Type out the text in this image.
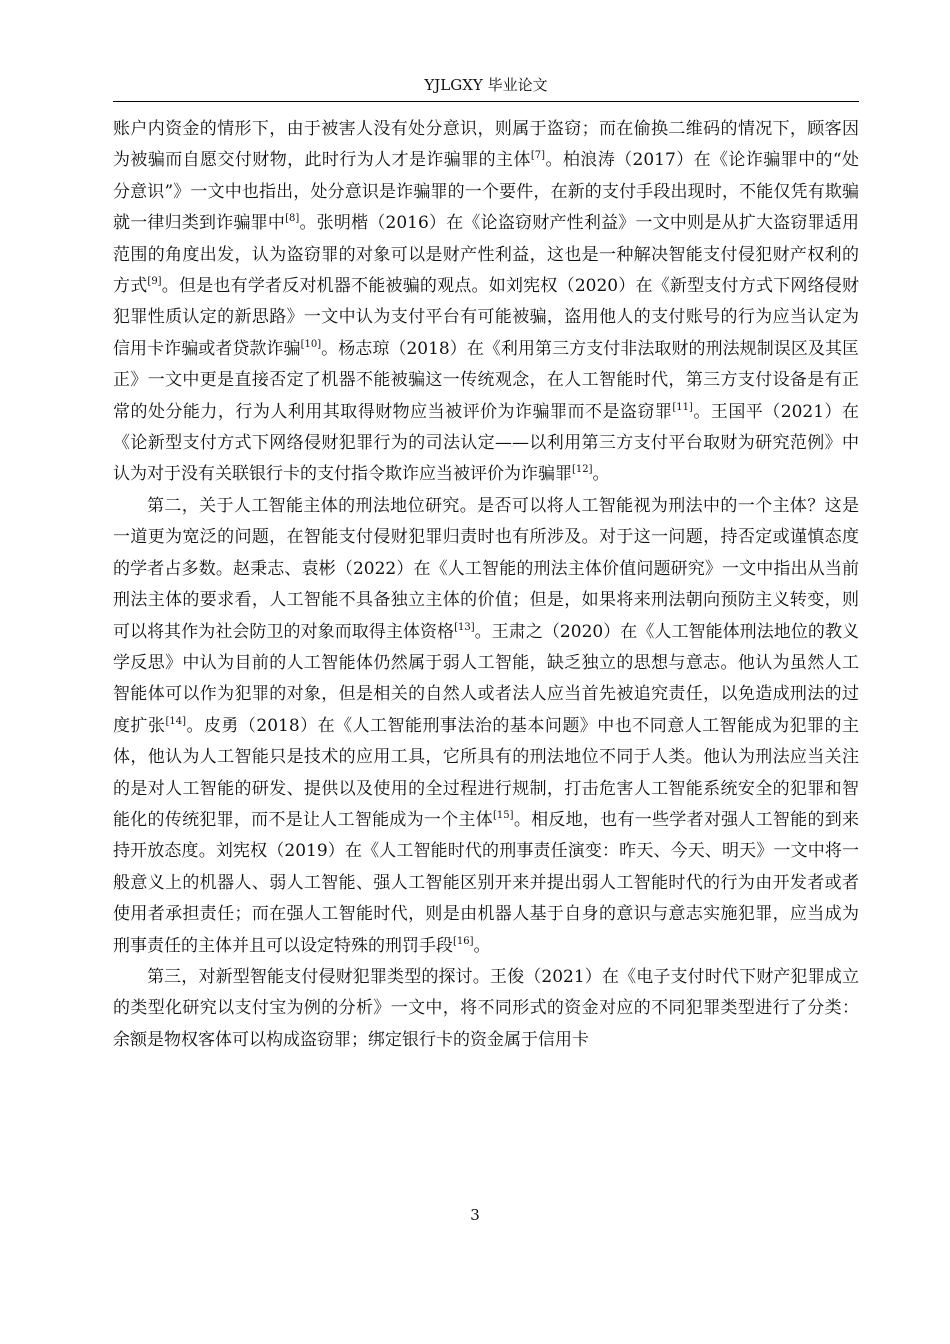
YJLGXY 毕业论文

账户内资金的情形下，由于被害人没有处分意识，则属于盗窃；而在偷换二维码的情况下，顾客因为被骗而自愿交付财物，此时行为人才是诈骗罪的主体[7]。柏浪涛（2017）在《论诈骗罪中的“处分意识”》一文中也指出，处分意识是诈骗罪的一个要件，在新的支付手段出现时，不能仅凭有欺骗就一律归类到诈骗罪中[8]。张明楷（2016）在《论盗窃财产性利益》一文中则是从扩大盗窃罪适用范围的角度出发，认为盗窃罪的对象可以是财产性利益，这也是一种解决智能支付侵犯财产权利的方式[9]。但是也有学者反对机器不能被骗的观点。如刘宪权（2020）在《新型支付方式下网络侵财犯罪性质认定的新思路》一文中认为支付平台有可能被骗，盗用他人的支付账号的行为应当认定为信用卡诈骗或者贷款诈骗[10]。杨志琼（2018）在《利用第三方支付非法取财的刑法规制误区及其匡正》一文中更是直接否定了机器不能被骗这一传统观念，在人工智能时代，第三方支付设备是有正常的处分能力，行为人利用其取得财物应当被评价为诈骗罪而不是盗窃罪[11]。王国平（2021）在《论新型支付方式下网络侵财犯罪行为的司法认定——以利用第三方支付平台取财为研究范例》中认为对于没有关联银行卡的支付指令欺诈应当被评价为诈骗罪[12]。

第二，关于人工智能主体的刑法地位研究。是否可以将人工智能视为刑法中的一个主体？这是一道更为宽泛的问题，在智能支付侵财犯罪归责时也有所涉及。对于这一问题，持否定或谨慎态度的学者占多数。赵秉志、袁彬（2022）在《人工智能的刑法主体价值问题研究》一文中指出从当前刑法主体的要求看，人工智能不具备独立主体的价值；但是，如果将来刑法朝向预防主义转变，则可以将其作为社会防卫的对象而取得主体资格[13]。王肃之（2020）在《人工智能体刑法地位的教义学反思》中认为目前的人工智能体仍然属于弱人工智能，缺乏独立的思想与意志。他认为虽然人工智能体可以作为犯罪的对象，但是相关的自然人或者法人应当首先被追究责任，以免造成刑法的过度扩张[14]。皮勇（2018）在《人工智能刑事法治的基本问题》中也不同意人工智能成为犯罪的主体，他认为人工智能只是技术的应用工具，它所具有的刑法地位不同于人类。他认为刑法应当关注的是对人工智能的研发、提供以及使用的全过程进行规制，打击危害人工智能系统安全的犯罪和智能化的传统犯罪，而不是让人工智能成为一个主体[15]。相反地，也有一些学者对强人工智能的到来持开放态度。刘宪权（2019）在《人工智能时代的刑事责任演变：昨天、今天、明天》一文中将一般意义上的机器人、弱人工智能、强人工智能区别开来并提出弱人工智能时代的行为由开发者或者使用者承担责任；而在强人工智能时代，则是由机器人基于自身的意识与意志实施犯罪，应当成为刑事责任的主体并且可以设定特殊的刑罚手段[16]。

第三，对新型智能支付侵财犯罪类型的探讨。王俊（2021）在《电子支付时代下财产犯罪成立的类型化研究以支付宝为例的分析》一文中，将不同形式的资金对应的不同犯罪类型进行了分类：余额是物权客体可以构成盗窃罪；绑定银行卡的资金属于信用卡

3
